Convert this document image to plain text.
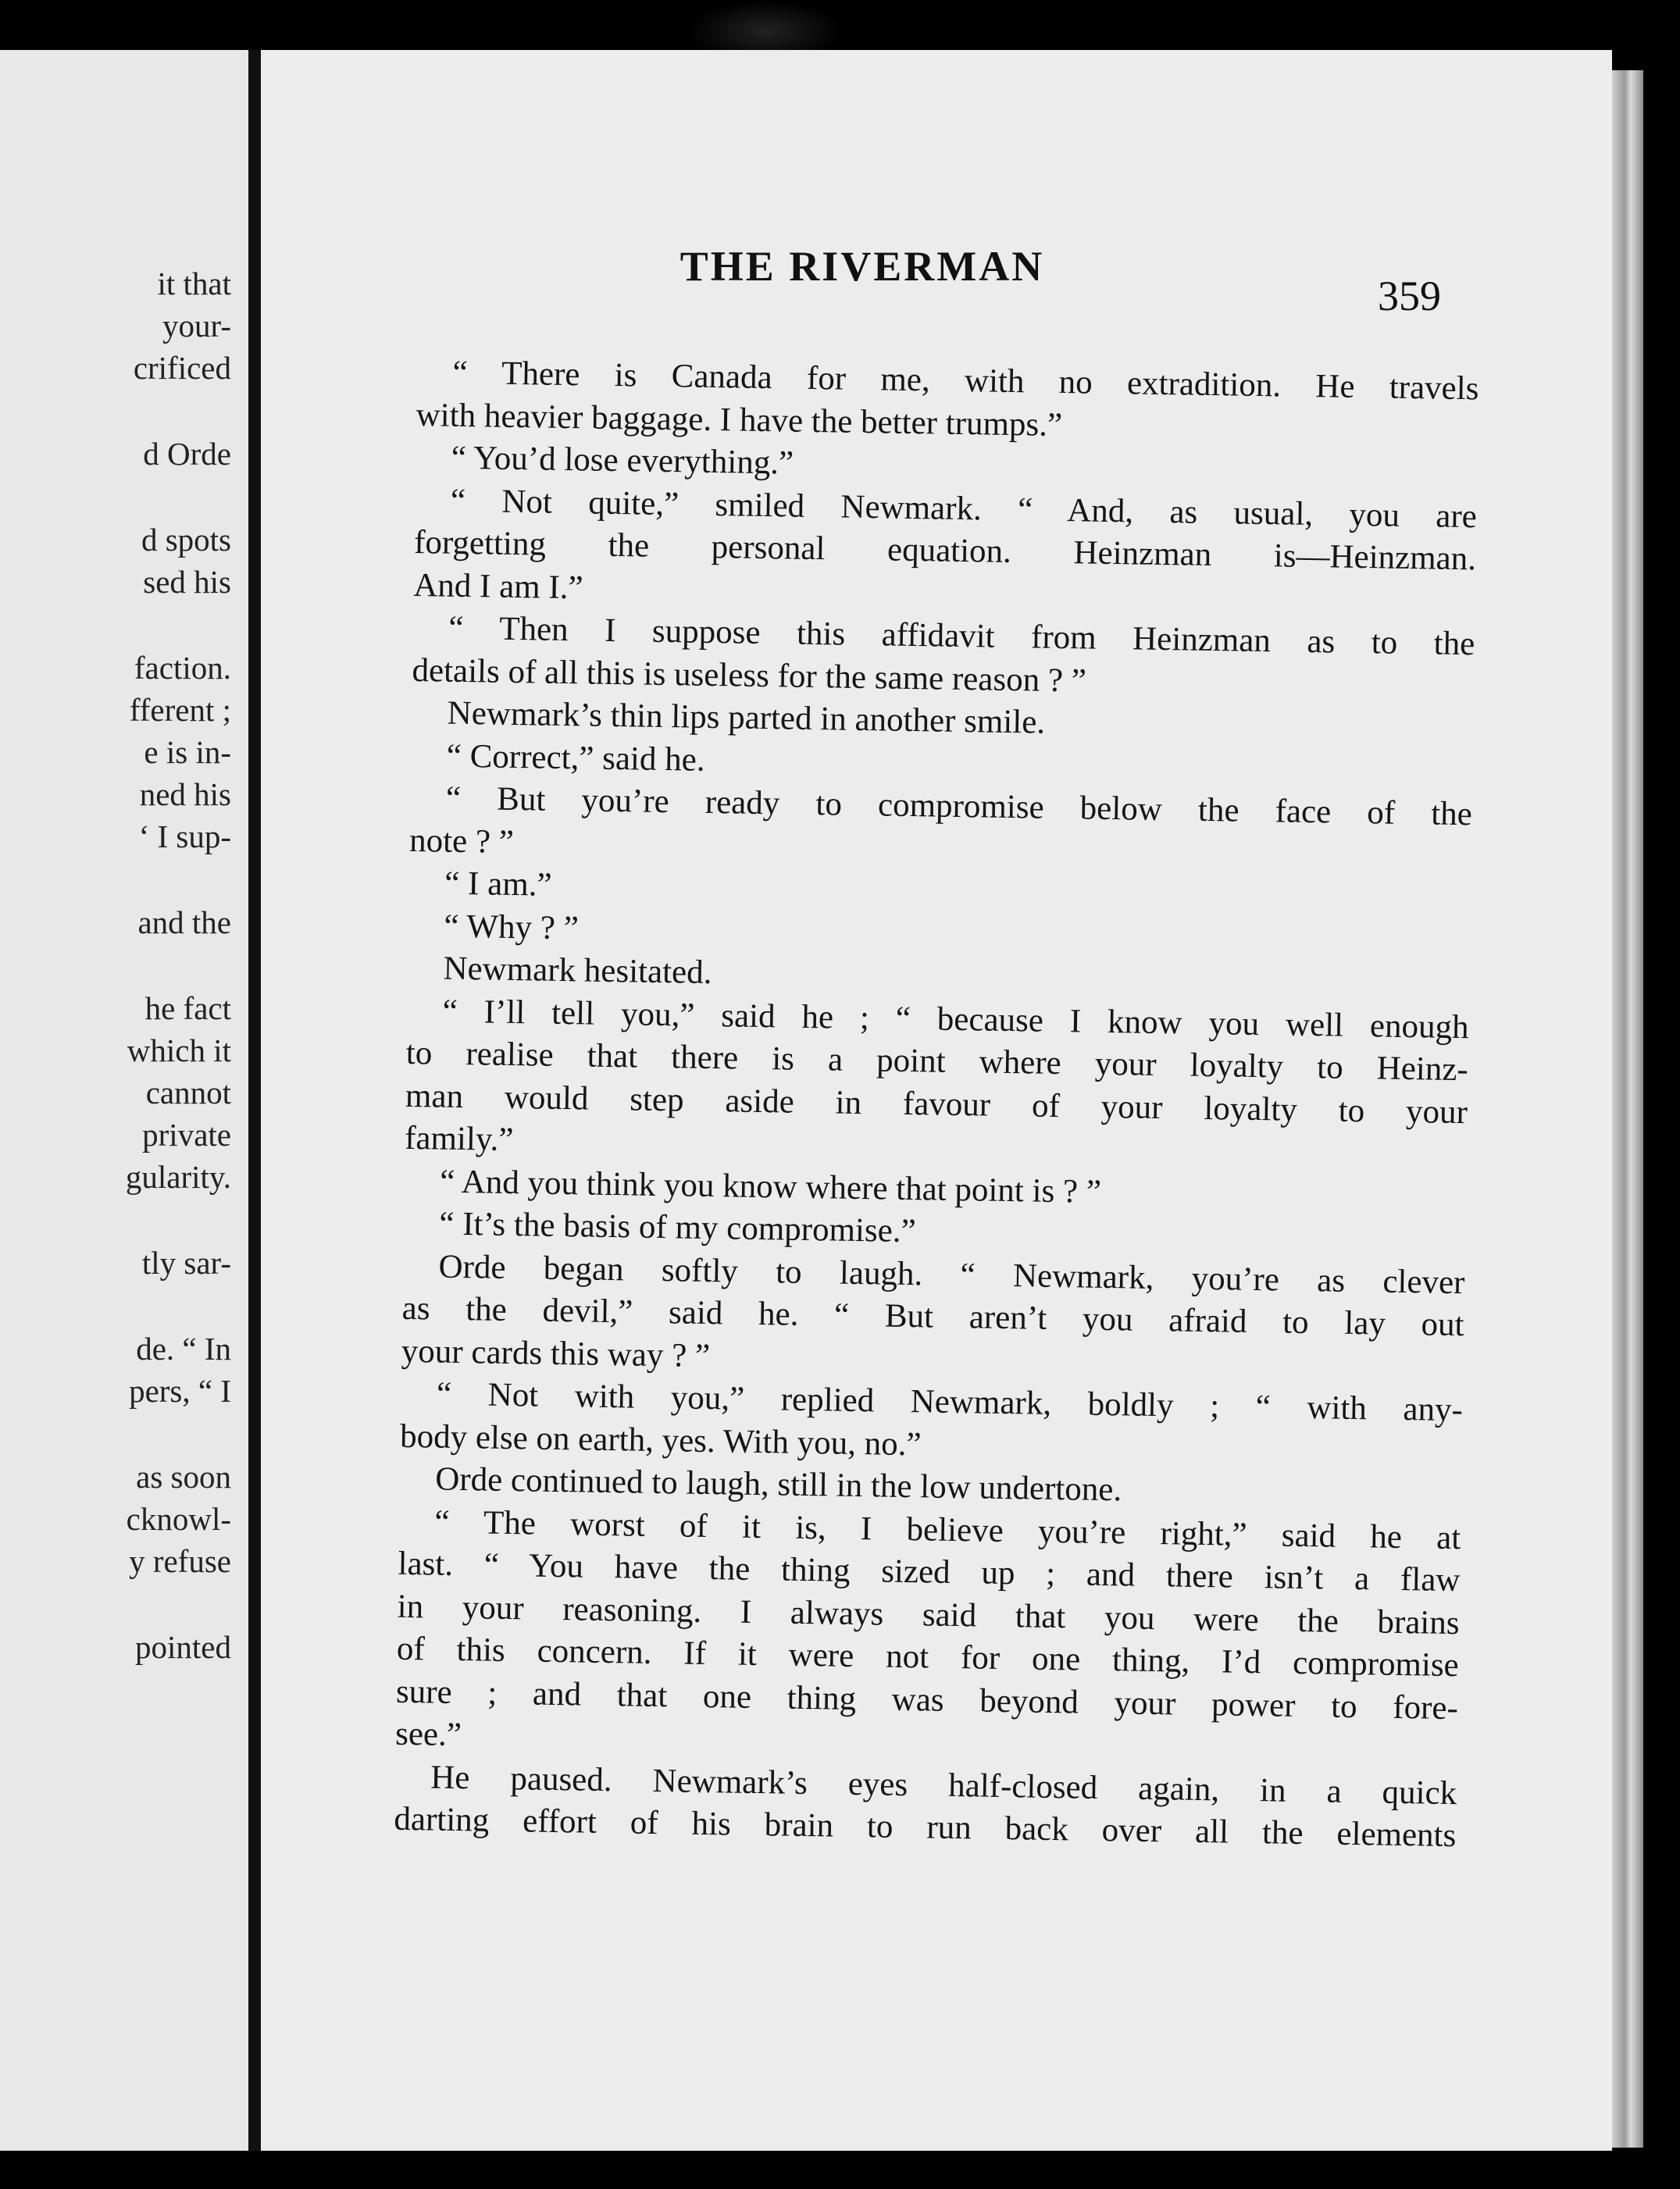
it that
your-
crificed
d Orde
d spots
sed his
faction.
fferent ;
e is in-
ned his
‘ I sup-
and the
he fact
which it
cannot
private
gularity.
tly sar-
de. “ In
pers, “ I
as soon
cknowl-
y refuse
pointed
THE RIVERMAN
359
“ There is Canada for me, with no extradition. He travels
with heavier baggage. I have the better trumps.”
“ You’d lose everything.”
“ Not quite,” smiled Newmark. “ And, as usual, you are
forgetting the personal equation. Heinzman is—Heinzman.
And I am I.”
“ Then I suppose this affidavit from Heinzman as to the
details of all this is useless for the same reason ? ”
Newmark’s thin lips parted in another smile.
“ Correct,” said he.
“ But you’re ready to compromise below the face of the
note ? ”
“ I am.”
“ Why ? ”
Newmark hesitated.
“ I’ll tell you,” said he ; “ because I know you well enough
to realise that there is a point where your loyalty to Heinz-
man would step aside in favour of your loyalty to your
family.”
“ And you think you know where that point is ? ”
“ It’s the basis of my compromise.”
Orde began softly to laugh. “ Newmark, you’re as clever
as the devil,” said he. “ But aren’t you afraid to lay out
your cards this way ? ”
“ Not with you,” replied Newmark, boldly ; “ with any-
body else on earth, yes. With you, no.”
Orde continued to laugh, still in the low undertone.
“ The worst of it is, I believe you’re right,” said he at
last. “ You have the thing sized up ; and there isn’t a flaw
in your reasoning. I always said that you were the brains
of this concern. If it were not for one thing, I’d compromise
sure ; and that one thing was beyond your power to fore-
see.”
He paused. Newmark’s eyes half-closed again, in a quick
darting effort of his brain to run back over all the elements
